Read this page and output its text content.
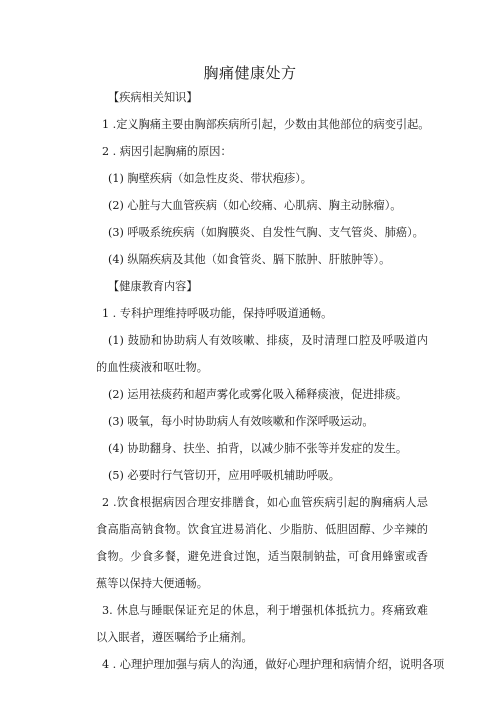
胸痛健康处方

【疾病相关知识】

1 .定义胸痛主要由胸部疾病所引起，少数由其他部位的病变引起。

2 . 病因引起胸痛的原因：

(1) 胸壁疾病（如急性皮炎、带状疱疹）。

(2) 心脏与大血管疾病（如心绞痛、心肌病、胸主动脉瘤）。

(3) 呼吸系统疾病（如胸膜炎、自发性气胸、支气管炎、肺癌）。

(4) 纵隔疾病及其他（如食管炎、膈下脓肿、肝脓肿等）。

【健康教育内容】

1 . 专科护理维持呼吸功能，保持呼吸道通畅。

(1) 鼓励和协助病人有效咳嗽、排痰，及时清理口腔及呼吸道内的血性痰液和呕吐物。

(2) 运用祛痰药和超声雾化或雾化吸入稀释痰液，促进排痰。

(3) 吸氧，每小时协助病人有效咳嗽和作深呼吸运动。

(4) 协助翻身、扶坐、拍背，以减少肺不张等并发症的发生。

(5) 必要时行气管切开，应用呼吸机辅助呼吸。

2 .饮食根据病因合理安排膳食，如心血管疾病引起的胸痛病人忌食高脂高钠食物。饮食宜进易消化、少脂肪、低胆固醇、少辛辣的食物。少食多餐，避免进食过饱，适当限制钠盐，可食用蜂蜜或香蕉等以保持大便通畅。

3. 休息与睡眠保证充足的休息，利于增强机体抵抗力。疼痛致难以入眠者，遵医嘱给予止痛剂。

4 . 心理护理加强与病人的沟通，做好心理护理和病情介绍，说明各项
